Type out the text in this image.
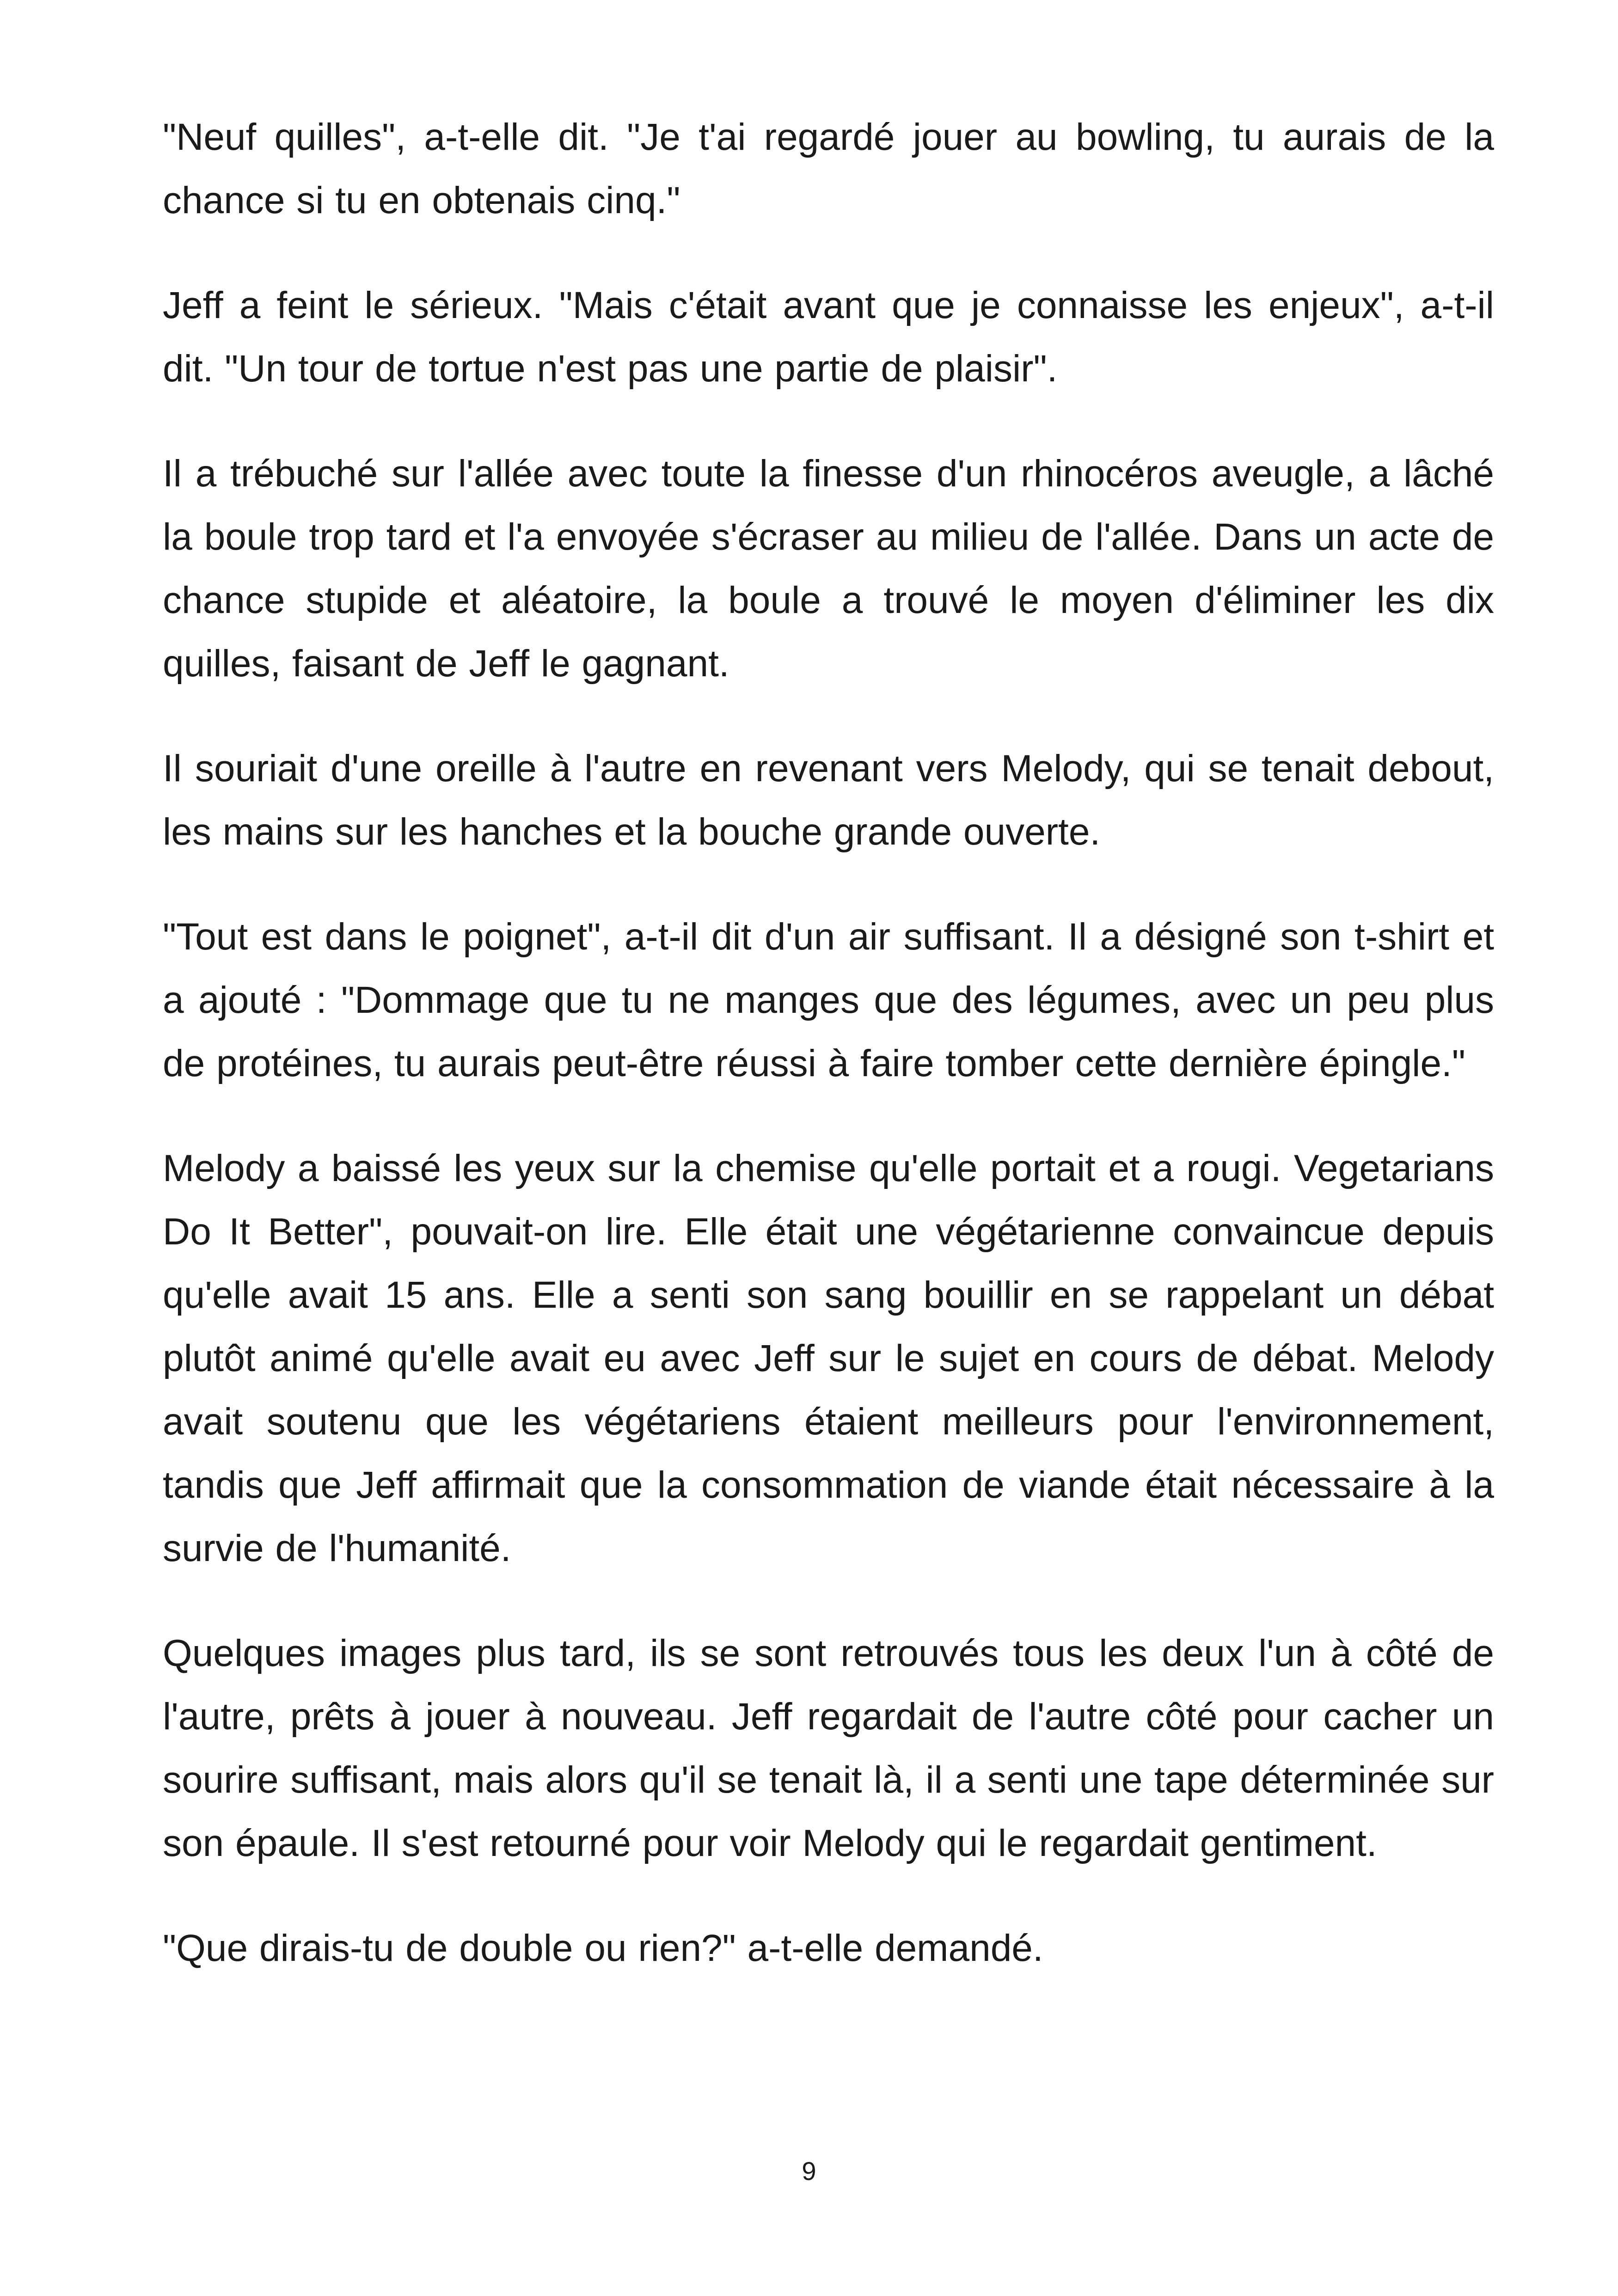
"Neuf quilles", a-t-elle dit. "Je t'ai regardé jouer au bowling, tu aurais de la chance si tu en obtenais cinq."

Jeff a feint le sérieux. "Mais c'était avant que je connaisse les enjeux", a-t-il dit. "Un tour de tortue n'est pas une partie de plaisir".

Il a trébuché sur l'allée avec toute la finesse d'un rhinocéros aveugle, a lâché la boule trop tard et l'a envoyée s'écraser au milieu de l'allée. Dans un acte de chance stupide et aléatoire, la boule a trouvé le moyen d'éliminer les dix quilles, faisant de Jeff le gagnant.

Il souriait d'une oreille à l'autre en revenant vers Melody, qui se tenait debout, les mains sur les hanches et la bouche grande ouverte.

"Tout est dans le poignet", a-t-il dit d'un air suffisant. Il a désigné son t-shirt et a ajouté : "Dommage que tu ne manges que des légumes, avec un peu plus de protéines, tu aurais peut-être réussi à faire tomber cette dernière épingle."

Melody a baissé les yeux sur la chemise qu'elle portait et a rougi. Vegetarians Do It Better", pouvait-on lire. Elle était une végétarienne convaincue depuis qu'elle avait 15 ans. Elle a senti son sang bouillir en se rappelant un débat plutôt animé qu'elle avait eu avec Jeff sur le sujet en cours de débat. Melody avait soutenu que les végétariens étaient meilleurs pour l'environnement, tandis que Jeff affirmait que la consommation de viande était nécessaire à la survie de l'humanité.

Quelques images plus tard, ils se sont retrouvés tous les deux l'un à côté de l'autre, prêts à jouer à nouveau. Jeff regardait de l'autre côté pour cacher un sourire suffisant, mais alors qu'il se tenait là, il a senti une tape déterminée sur son épaule. Il s'est retourné pour voir Melody qui le regardait gentiment.

"Que dirais-tu de double ou rien?" a-t-elle demandé.

9
